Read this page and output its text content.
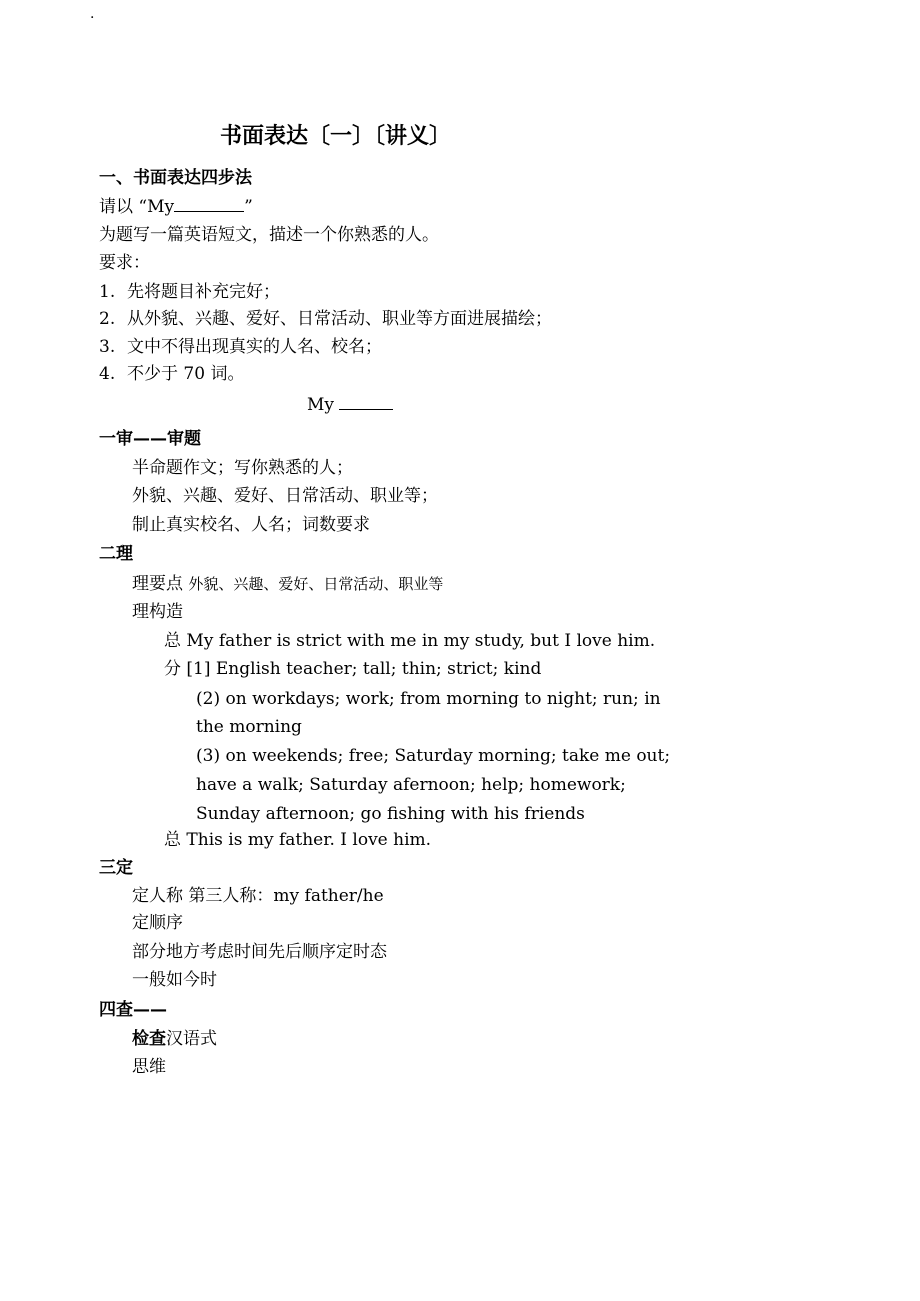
·
书面表达〔一〕〔讲义〕
一、书面表达四步法
请以 “My	”
为题写一篇英语短文，描述一个你熟悉的人。
要求：
1. 先将题目补充完好；
2. 从外貌、兴趣、爱好、日常活动、职业等方面进展描绘；
3. 文中不得出现真实的人名、校名；
4. 不少于 70 词。
My
一审——审题
半命题作文；写你熟悉的人；
外貌、兴趣、爱好、日常活动、职业等；
制止真实校名、人名；词数要求
二理
理要点 外貌、兴趣、爱好、日常活动、职业等
理构造
总 My father is strict with me in my study, but I love him.
分 [1] English teacher; tall; thin; strict; kind
(2) on workdays; work; from morning to night; run; in
the morning
(3) on weekends; free; Saturday morning; take me out;
have a walk; Saturday afernoon; help; homework;
Sunday afternoon; go fishing with his friends
总 This is my father. I love him.
三定
定人称 第三人称：my father/he
定顺序
部分地方考虑时间先后顺序定时态
一般如今时
四查——
检查汉语式
思维
